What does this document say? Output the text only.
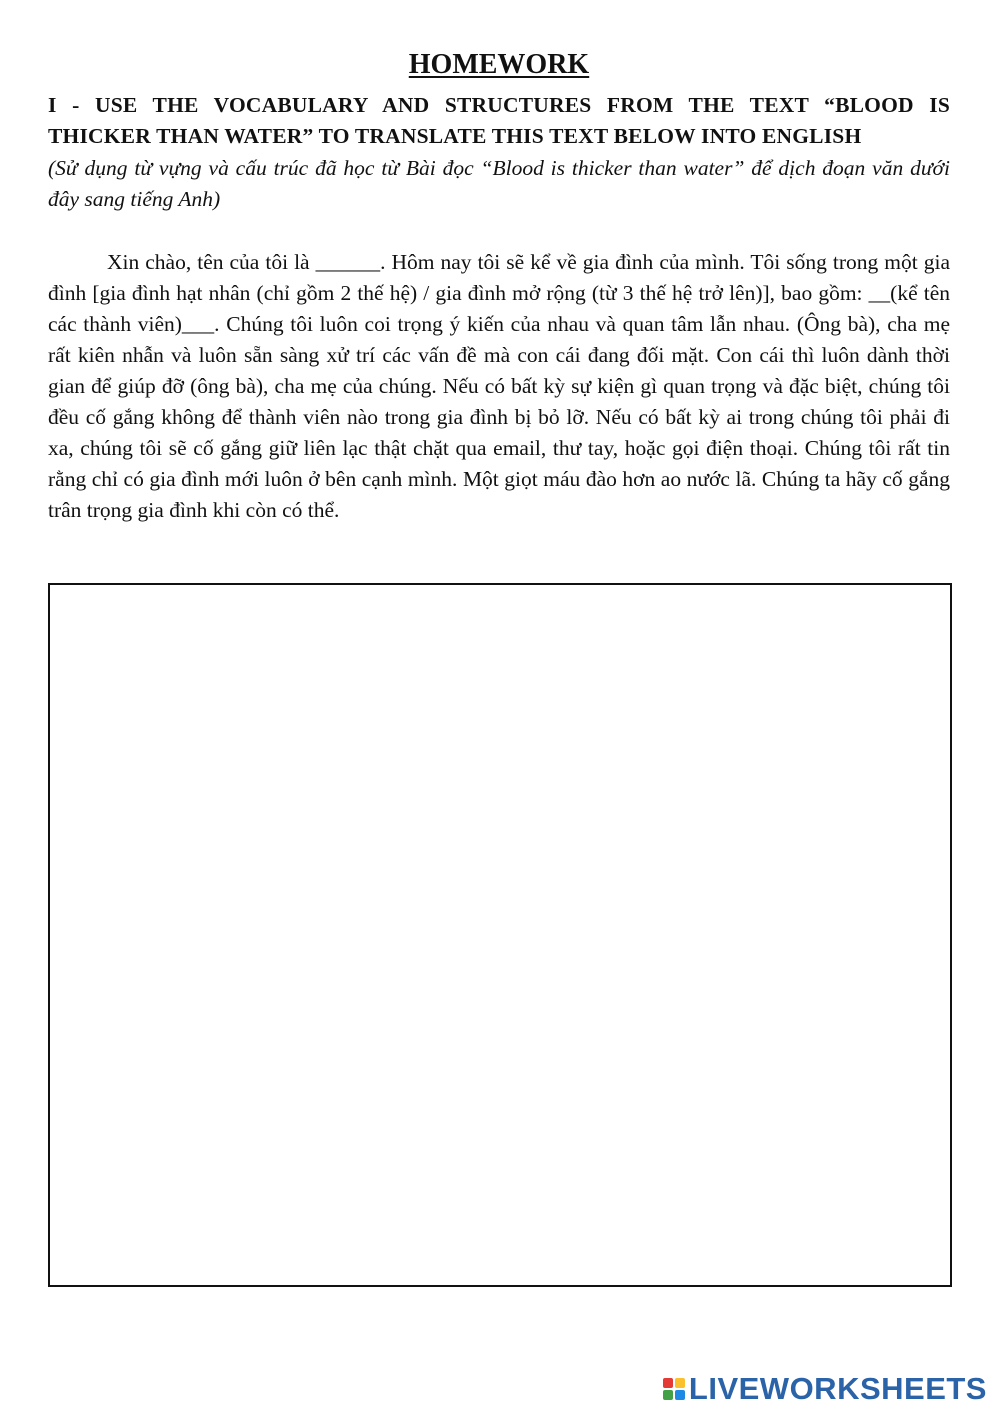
HOMEWORK
I - USE THE VOCABULARY AND STRUCTURES FROM THE TEXT “BLOOD IS
THICKER THAN WATER” TO TRANSLATE THIS TEXT BELOW INTO ENGLISH

(Sử dụng từ vựng và cấu trúc đã học từ Bài đọc “Blood is thicker than water” để dịch đoạn văn dưới đây sang tiếng Anh)

Xin chào, tên của tôi là ______. Hôm nay tôi sẽ kể về gia đình của mình. Tôi sống trong một gia đình [gia đình hạt nhân (chỉ gồm 2 thế hệ) / gia đình mở rộng (từ 3 thế hệ trở lên)], bao gồm: __(kể tên các thành viên)___. Chúng tôi luôn coi trọng ý kiến của nhau và quan tâm lẫn nhau. (Ông bà), cha mẹ rất kiên nhẫn và luôn sẵn sàng xử trí các vấn đề mà con cái đang đối mặt. Con cái thì luôn dành thời gian để giúp đỡ (ông bà), cha mẹ của chúng. Nếu có bất kỳ sự kiện gì quan trọng và đặc biệt, chúng tôi đều cố gắng không để thành viên nào trong gia đình bị bỏ lỡ. Nếu có bất kỳ ai trong chúng tôi phải đi xa, chúng tôi sẽ cố gắng giữ liên lạc thật chặt qua email, thư tay, hoặc gọi điện thoại. Chúng tôi rất tin rằng chỉ có gia đình mới luôn ở bên cạnh mình. Một giọt máu đào hơn ao nước lã. Chúng ta hãy cố gắng trân trọng gia đình khi còn có thể.

LIVEWORKSHEETS
